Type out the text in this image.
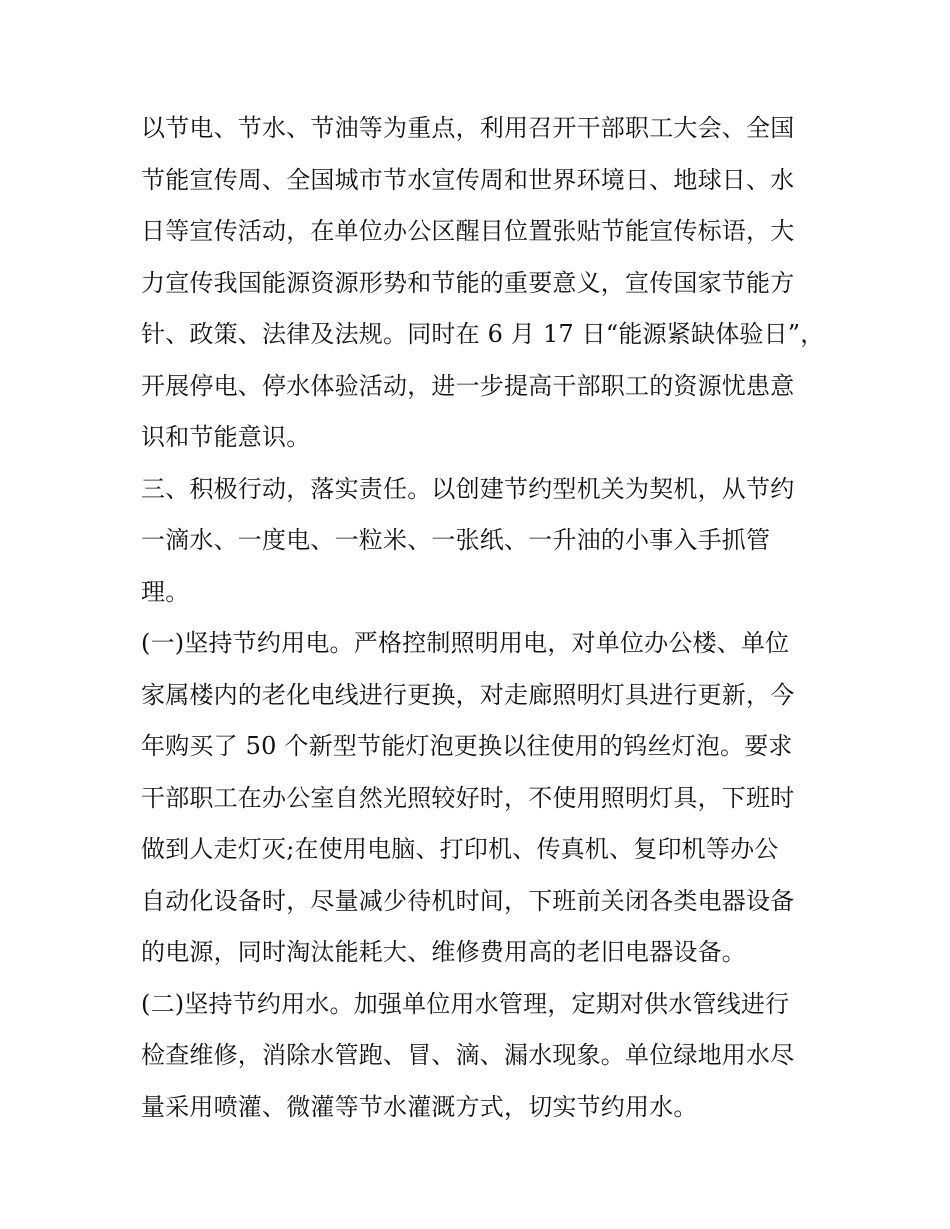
以节电、节水、节油等为重点，利用召开干部职工大会、全国
节能宣传周、全国城市节水宣传周和世界环境日、地球日、水
日等宣传活动，在单位办公区醒目位置张贴节能宣传标语，大
力宣传我国能源资源形势和节能的重要意义，宣传国家节能方
针、政策、法律及法规。同时在 6 月 17 日“能源紧缺体验日”，
开展停电、停水体验活动，进一步提高干部职工的资源忧患意
识和节能意识。
三、积极行动，落实责任。以创建节约型机关为契机，从节约
一滴水、一度电、一粒米、一张纸、一升油的小事入手抓管
理。
(一)坚持节约用电。严格控制照明用电，对单位办公楼、单位
家属楼内的老化电线进行更换，对走廊照明灯具进行更新，今
年购买了 50 个新型节能灯泡更换以往使用的钨丝灯泡。要求
干部职工在办公室自然光照较好时，不使用照明灯具，下班时
做到人走灯灭;在使用电脑、打印机、传真机、复印机等办公
自动化设备时，尽量减少待机时间，下班前关闭各类电器设备
的电源，同时淘汰能耗大、维修费用高的老旧电器设备。
(二)坚持节约用水。加强单位用水管理，定期对供水管线进行
检查维修，消除水管跑、冒、滴、漏水现象。单位绿地用水尽
量采用喷灌、微灌等节水灌溉方式，切实节约用水。
